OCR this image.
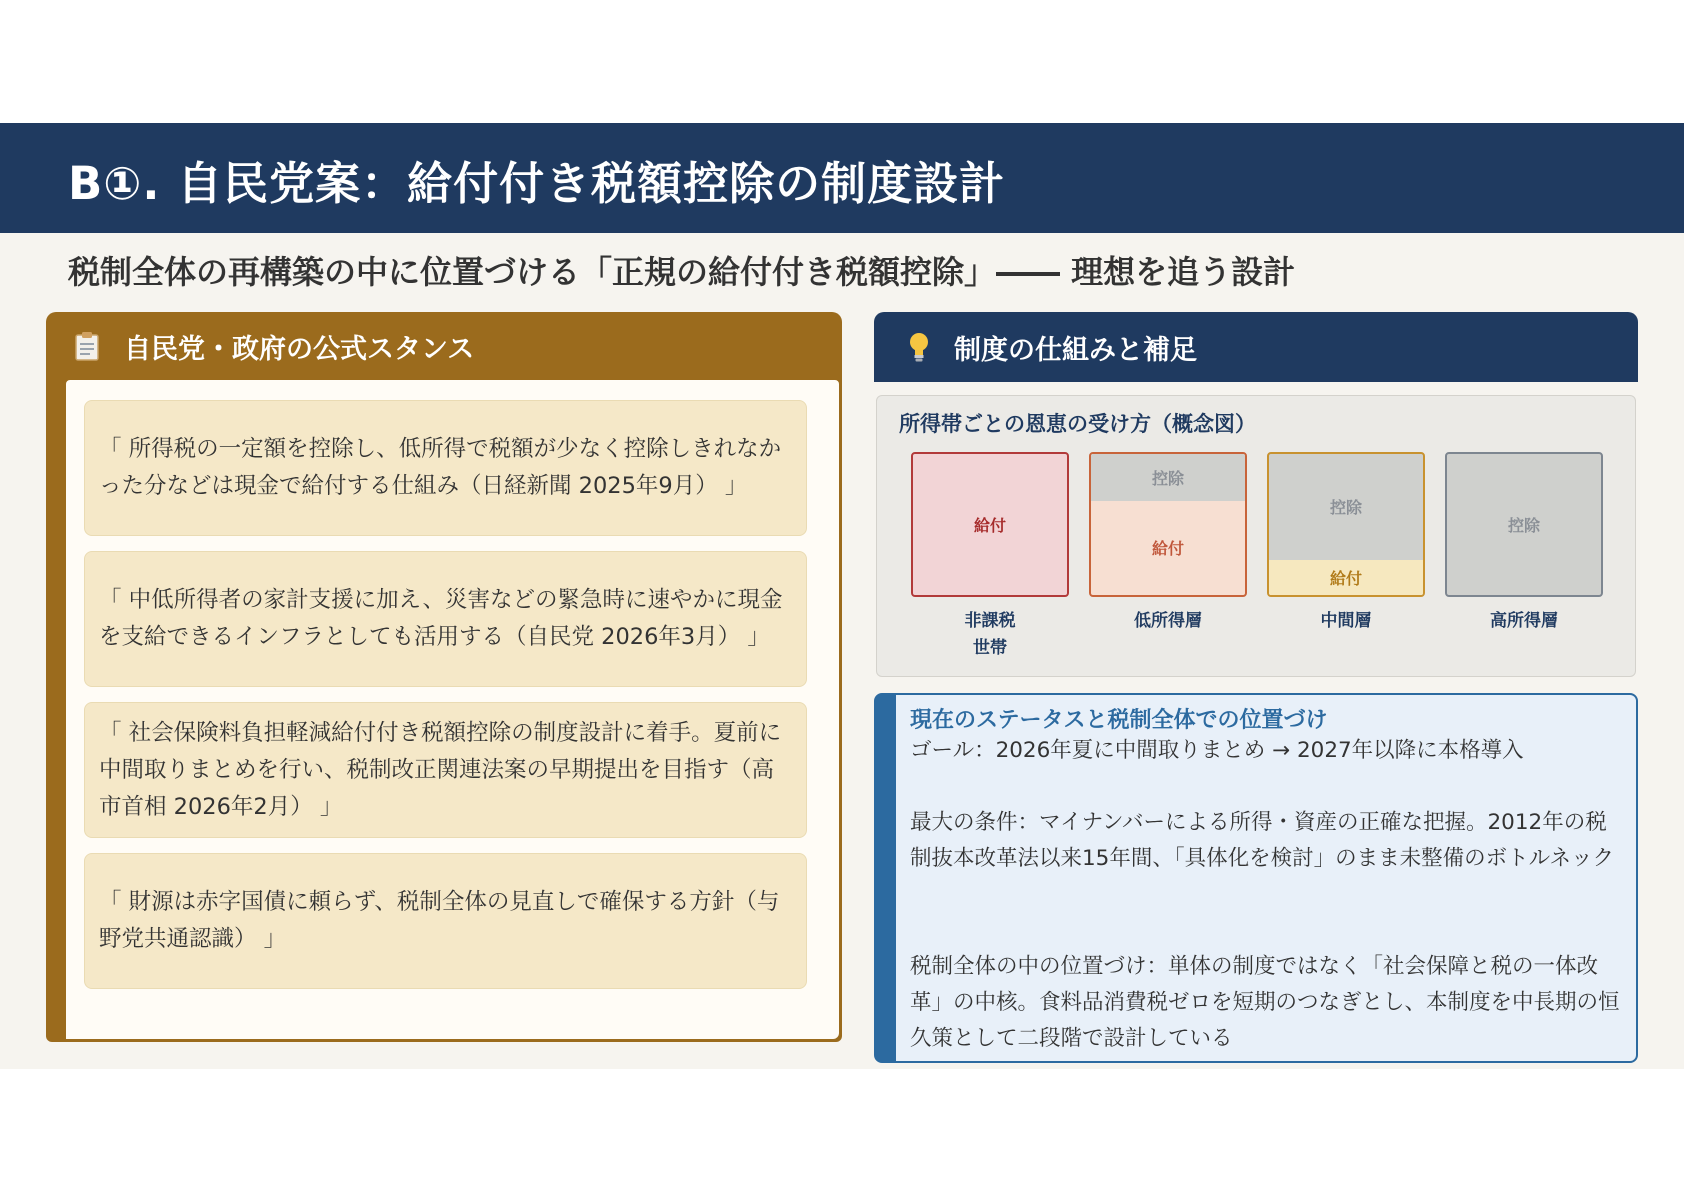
B①. 自民党案：給付付き税額控除の制度設計
税制全体の再構築の中に位置づける「正規の給付付き税額控除」―― 理想を追う設計
自民党・政府の公式スタンス
「 所得税の一定額を控除し、低所得で税額が少なく控除しきれなかった分などは現金で給付する仕組み（日経新聞 2025年9月） 」
「 中低所得者の家計支援に加え、災害などの緊急時に速やかに現金を支給できるインフラとしても活用する（自民党 2026年3月） 」
「 社会保険料負担軽減給付付き税額控除の制度設計に着手。夏前に中間取りまとめを行い、税制改正関連法案の早期提出を目指す（高市首相 2026年2月） 」
「 財源は赤字国債に頼らず、税制全体の見直しで確保する方針（与野党共通認識） 」
制度の仕組みと補足
所得帯ごとの恩恵の受け方（概念図）
給付
非課税
世帯
控除
給付
低所得層
控除
給付
中間層
控除
高所得層
現在のステータスと税制全体での位置づけ
ゴール：2026年夏に中間取りまとめ → 2027年以降に本格導入
最大の条件：マイナンバーによる所得・資産の正確な把握。2012年の税制抜本改革法以来15年間、「具体化を検討」のまま未整備のボトルネック
税制全体の中の位置づけ：単体の制度ではなく「社会保障と税の一体改革」の中核。食料品消費税ゼロを短期のつなぎとし、本制度を中長期の恒久策として二段階で設計している
